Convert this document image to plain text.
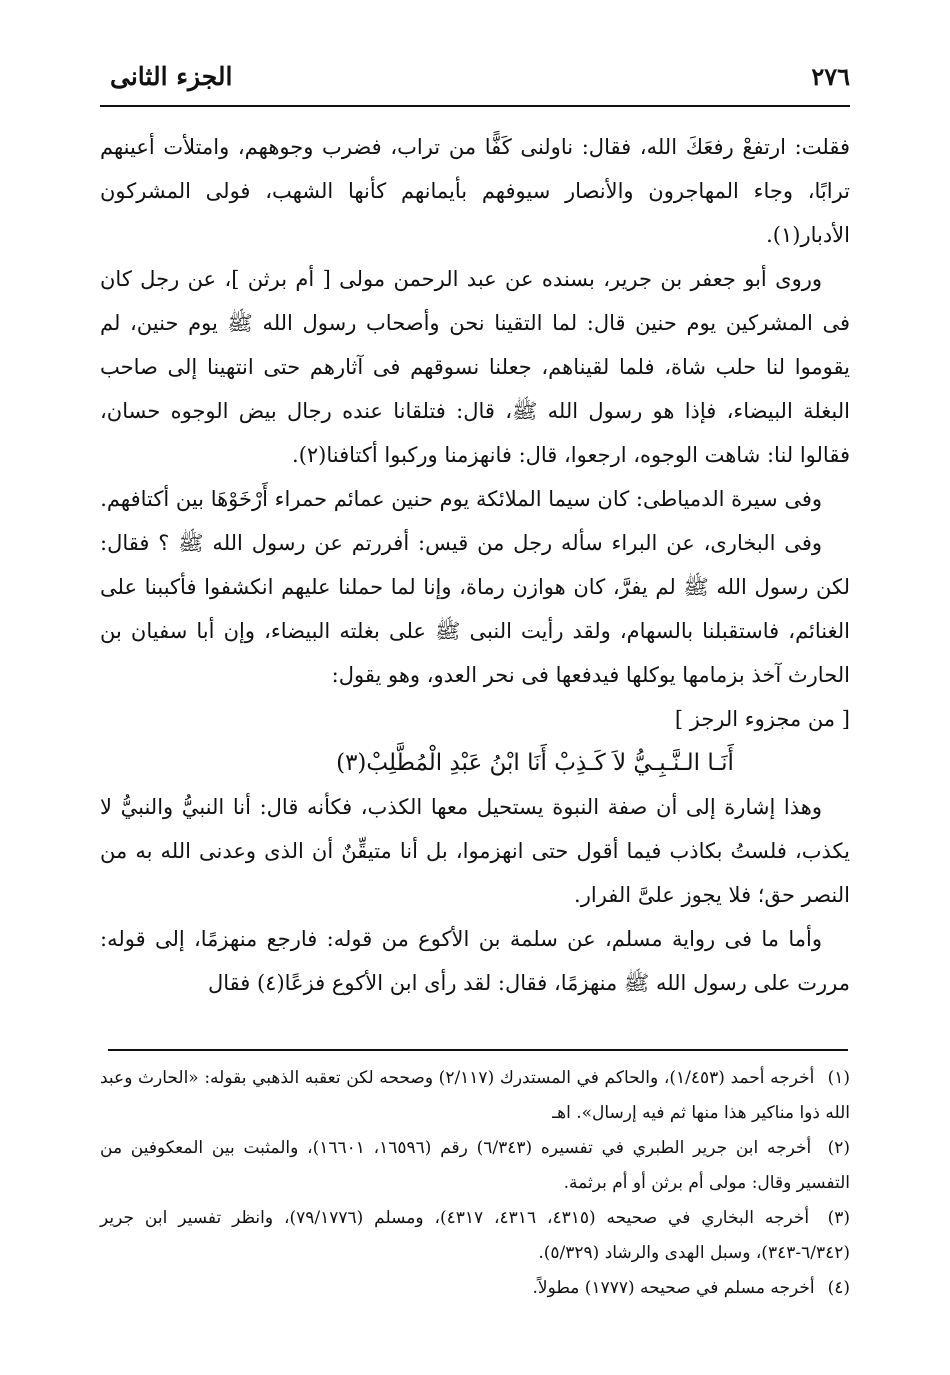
٢٧٦
الجزء الثانى

فقلت: ارتفعْ رفعَكَ الله، فقال: ناولنى كَفًّا من تراب، فضرب وجوههم، وامتلأت أعينهم ترابًا، وجاء المهاجرون والأنصار سيوفهم بأيمانهم كأنها الشهب، فولى المشركون الأدبار(١).

وروى أبو جعفر بن جرير، بسنده عن عبد الرحمن مولى [ أم برثن ]، عن رجل كان فى المشركين يوم حنين قال: لما التقينا نحن وأصحاب رسول الله ﷺ يوم حنين، لم يقوموا لنا حلب شاة، فلما لقيناهم، جعلنا نسوقهم فى آثارهم حتى انتهينا إلى صاحب البغلة البيضاء، فإذا هو رسول الله ﷺ، قال: فتلقانا عنده رجال بيض الوجوه حسان، فقالوا لنا: شاهت الوجوه، ارجعوا، قال: فانهزمنا وركبوا أكتافنا(٢).

وفى سيرة الدمياطى: كان سيما الملائكة يوم حنين عمائم حمراء أَرْخَوْهَا بين أكتافهم.

وفى البخارى، عن البراء سأله رجل من قيس: أفررتم عن رسول الله ﷺ ؟ فقال: لكن رسول الله ﷺ لم يفرَّ، كان هوازن رماة، وإنا لما حملنا عليهم انكشفوا فأكببنا على الغنائم، فاستقبلنا بالسهام، ولقد رأيت النبى ﷺ على بغلته البيضاء، وإن أبا سفيان بن الحارث آخذ بزمامها يوكلها فيدفعها فى نحر العدو، وهو يقول:

[ من مجزوء الرجز ]

أَنَـا الـنَّـبِـيُّ لاَ كَـذِبْ أَنَا ابْنُ عَبْدِ الْمُطَّلِبْ(٣)

وهذا إشارة إلى أن صفة النبوة يستحيل معها الكذب، فكأنه قال: أنا النبيُّ والنبيُّ لا يكذب، فلستُ بكاذب فيما أقول حتى انهزموا، بل أنا متيقِّنٌ أن الذى وعدنى الله به من النصر حق؛ فلا يجوز علىَّ الفرار.

وأما ما فى رواية مسلم، عن سلمة بن الأكوع من قوله: فارجع منهزمًا، إلى قوله: مررت على رسول الله ﷺ منهزمًا، فقال: لقد رأى ابن الأكوع فزعًا(٤) فقال

(١) أخرجه أحمد (١/٤٥٣)، والحاكم في المستدرك (٢/١١٧) وصححه لكن تعقبه الذهبي بقوله: «الحارث وعبد الله ذوا مناكير هذا منها ثم فيه إرسال». اهـ

(٢) أخرجه ابن جرير الطبري في تفسيره (٦/٣٤٣) رقم (١٦٥٩٦، ١٦٦٠١)، والمثبت بين المعكوفين من التفسير وقال: مولى أم برثن أو أم برثمة.

(٣) أخرجه البخاري في صحيحه (٤٣١٥، ٤٣١٦، ٤٣١٧)، ومسلم (٧٩/١٧٧٦)، وانظر تفسير ابن جرير (٦/٣٤٢-٣٤٣)، وسبل الهدى والرشاد (٥/٣٢٩).

(٤) أخرجه مسلم في صحيحه (١٧٧٧) مطولاً.
